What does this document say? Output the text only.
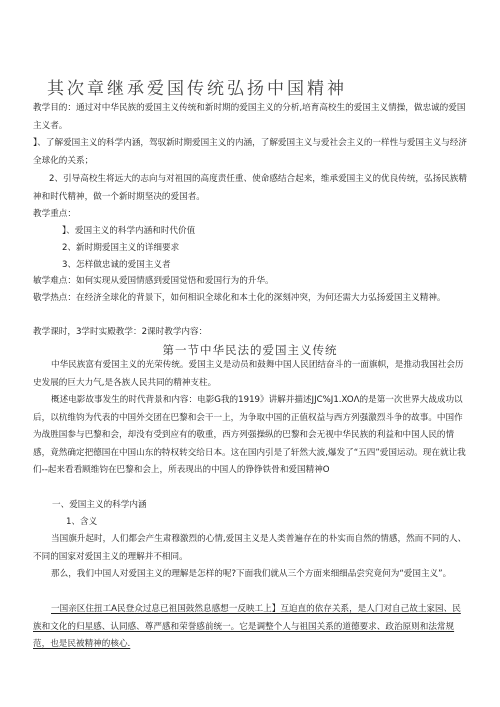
其次章继承爱国传统弘扬中国精神

教学目的：通过对中华民族的爱国主义传统和新时期的爱国主义的分析,培育高校生的爱国主义情操，做忠诚的爱国主义者。

】、了解爱国主义的科学内涵，驾驭新时期爱国主义的内涵，了解爱国主义与爱社会主义的一样性与爱国主义与经济全球化的关系；

2、引导高校生将远大的志向与对祖国的高度责任重、使命感结合起来，维承爱国主义的优良传统，弘扬民族精神和时代精神，做一个新时期坚决的爱国者。

教学重点：

】、爱国主义的科学内涵和时代价值

2、新时期爱国主义的详细要求

3、怎样做忠诚的爱国主义者

敏学难点：如何实现从爱国情感到爱国觉悟和爱国行为的升华。

敬学热点：在经济全球化的背景下，如何相识全球化和本土化的深刻冲突，为何还需大力弘扬爱国主义精神。

教学课时，3学时实殿教学：2课时教学内容：

第一节中华民法的爱国主义传统

中华民族富有爱国主义的光荣传统。爱国主义是动员和鼓舞中国人民团结奋斗的一面旗帜，是推动我国社会历史发展的巨大力气,是各族人民共同的精神支柱。

概述电影故事发生的时代背景和内容：电影G我的1919》讲解并描述JJC%J1.XOΛ的是第一次世界大战成功以后，以杭维钧为代表的中国外交团在巴黎和会干一上，为争取中国的正值权益与西方列强激烈斗争的故事。中国作为战胜国参与巴黎和会，却没有受到应有的敬重，西方列强操纵的巴黎和会无视中华民族的利益和中国人民的情感，竟然确定把德国在中国山东的特权转交给日本。这在国内引是了轩然大波,爆发了“五四”爱国运动。现在就让我们--起来看看顾维钧在巴黎和会上，所表现出的中国人的铮铮铁骨和爱国精神O

一、爱国主义的科学内涵

1、含义

当国旗升起时，人们都会产生肃穆激烈的心情,爱国主义是人类普遍存在的朴实而自然的情感，然而不同的人、不同的国家对爱国主义的理解并不相同。

那么，我们中国人对爱国主义的理解是怎样的呢?下面我们就从三个方面来细细品尝究竟何为“爱国主义”。

一国亲区住扭工A民登众过息已祖国鼓然息感想一反映工上】互迫直的依存关系，是人门对自己故土家园、民族和文化的归星感、认同感、尊严感和荣誉感前统一。它是调整个人与祖国关系的道德要求、政治原则和法常规范，也是民被精神的核心.
